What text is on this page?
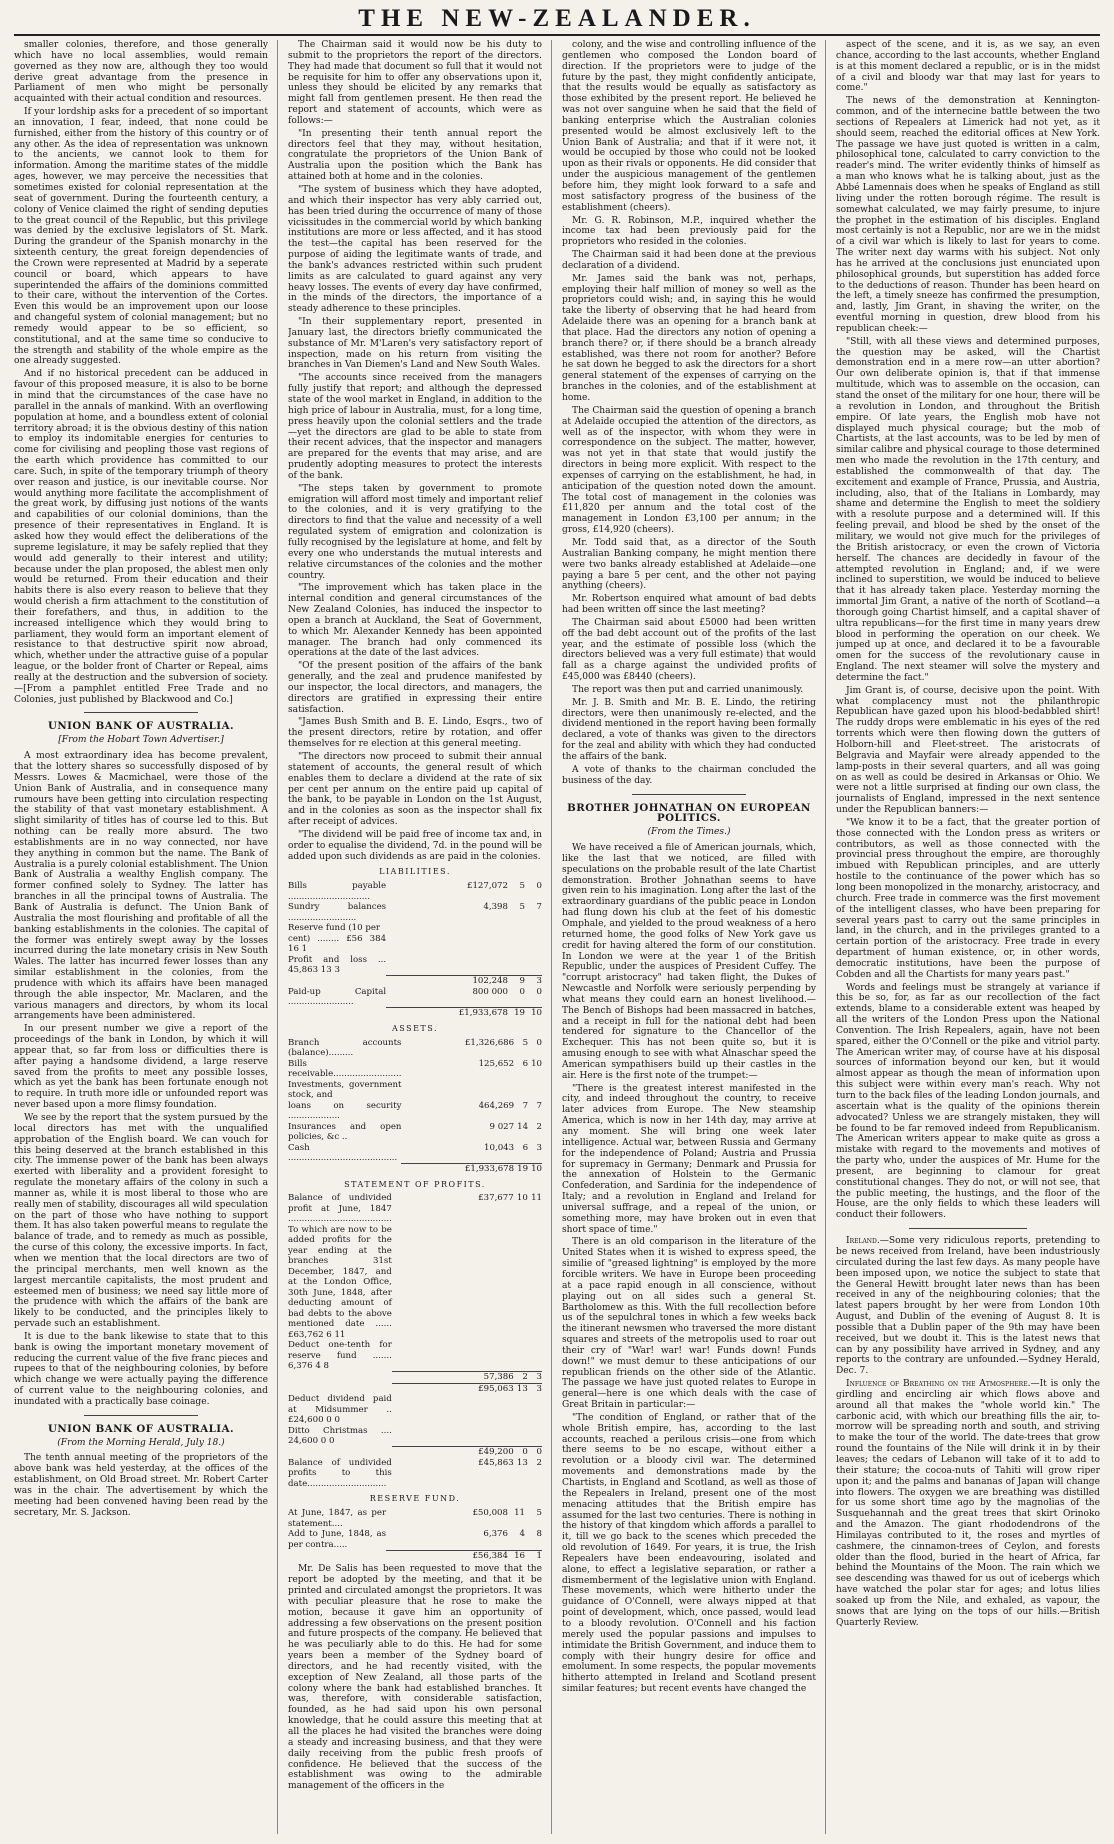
THE NEW-ZEALANDER.

smaller colonies, therefore, and those generally which have no local assemblies, would remain governed as they now are, although they too would derive great advantage from the presence in Parliament of men who might be personally acquainted with their actual condition and resources.

If your lordship asks for a precedent of so important an innovation, I fear, indeed, that none could be furnished, either from the history of this country or of any other. As the idea of representation was unknown to the ancients, we cannot look to them for information. Among the maritime states of the middle ages, however, we may perceive the necessities that sometimes existed for colonial representation at the seat of government. During the fourteenth century, a colony of Venice claimed the right of sending deputies to the great council of the Republic, but this privilege was denied by the exclusive legislators of St. Mark. During the grandeur of the Spanish monarchy in the sixteenth century, the great foreign dependencies of the Crown were represented at Madrid by a seperate council or board, which appears to have superintended the affairs of the dominions committed to their care, without the intervention of the Cortes. Even this would be an improvement upon our loose and changeful system of colonial management; but no remedy would appear to be so efficient, so constitutional, and at the same time so conducive to the strength and stability of the whole empire as the one already suggested.

And if no historical precedent can be adduced in favour of this proposed measure, it is also to be borne in mind that the circumstances of the case have no parallel in the annals of mankind. With an overflowing population at home, and a boundless extent of colonial territory abroad; it is the obvious destiny of this nation to employ its indomitable energies for centuries to come for civilising and peopling those vast regions of the earth which providence has committed to our care. Such, in spite of the temporary triumph of theory over reason and justice, is our inevitable course. Nor would anything more facilitate the accomplishment of the great work, by diffusing just notions of the wants and capabilities of our colonial dominions, than the presence of their representatives in England. It is asked how they would effect the deliberations of the supreme legislature, it may be safely replied that they would add generally to their interest and utility; because under the plan proposed, the ablest men only would be returned. From their education and their habits there is also every reason to believe that they would cherish a firm attachment to the constitution of their forefathers, and thus, in addition to the increased intelligence which they would bring to parliament, they would form an important element of resistance to that destructive spirit now abroad, which, whether under the attractive guise of a popular league, or the bolder front of Charter or Repeal, aims really at the destruction and the subversion of society.—[From a pamphlet entitled Free Trade and no Colonies, just published by Blackwood and Co.]

UNION BANK OF AUSTRALIA.
[From the Hobart Town Advertiser.]

A most extraordinary idea has become prevalent, that the lottery shares so successfully disposed of by Messrs. Lowes & Macmichael, were those of the Union Bank of Australia, and in consequence many rumours have been getting into circulation respecting the stability of that vast monetary establishment. A slight similarity of titles has of course led to this. But nothing can be really more absurd. The two establishments are in no way connected, nor have they anything in common but the name. The Bank of Australia is a purely colonial establishment. The Union Bank of Australia a wealthy English company. The former confined solely to Sydney. The latter has branches in all the principal towns of Australia. The Bank of Australia is defunct. The Union Bank of Australia the most flourishing and profitable of all the banking establishments in the colonies. The capital of the former was entirely swept away by the losses incurred during the late monetary crisis in New South Wales. The latter has incurred fewer losses than any similar establishment in the colonies, from the prudence with which its affairs have been managed through the able inspector, Mr. Maclaren, and the various managers and directors, by whom its local arrangements have been administered.

In our present number we give a report of the proceedings of the bank in London, by which it will appear that, so far from loss or difficulties there is after paying a handsome dividend, a large reserve saved from the profits to meet any possible losses, which as yet the bank has been fortunate enough not to require. In truth more idle or unfounded report was never based upon a more flimsy foundation.

We see by the report that the system pursued by the local directors has met with the unqualified approbation of the English board. We can vouch for this being deserved at the branch established in this city. The immense power of the bank has been always exerted with liberality and a provident foresight to regulate the monetary affairs of the colony in such a manner as, while it is most liberal to those who are really men of stability, discourages all wild speculation on the part of those who have nothing to support them. It has also taken powerful means to regulate the balance of trade, and to remedy as much as possible, the curse of this colony, the excessive imports. In fact, when we mention that the local directors are two of the principal merchants, men well known as the largest mercantile capitalists, the most prudent and esteemed men of business; we need say little more of the prudence with which the affairs of the bank are likely to be conducted, and the principles likely to pervade such an establishment.

It is due to the bank likewise to state that to this bank is owing the important monetary movement of reducing the current value of the five franc pieces and rupees to that of the neighbouring colonies, by before which change we were actually paying the difference of current value to the neighbouring colonies, and inundated with a practically base coinage.

UNION BANK OF AUSTRALIA.
(From the Morning Herald, July 18.)

The tenth annual meeting of the proprietors of the above bank was held yesterday, at the offices of the establishment, on Old Broad street. Mr. Robert Carter was in the chair. The advertisement by which the meeting had been convened having been read by the secretary, Mr. S. Jackson.

The Chairman said it would now be his duty to submit to the proprietors the report of the directors. They had made that document so full that it would not be requisite for him to offer any observations upon it, unless they should be elicited by any remarks that might fall from gentlemen present. He then read the report and statement of accounts, which were as follows:—

"In presenting their tenth annual report the directors feel that they may, without hesitation, congratulate the proprietors of the Union Bank of Australia upon the position which the Bank has attained both at home and in the colonies.

"The system of business which they have adopted, and which their inspector has very ably carried out, has been tried during the occurrence of many of those vicissitudes in the commercial world by which banking institutions are more or less affected, and it has stood the test—the capital has been reserved for the purpose of aiding the legitimate wants of trade, and the bank's advances restricted within such prudent limits as are calculated to guard against any very heavy losses. The events of every day have confirmed, in the minds of the directors, the importance of a steady adherence to these principles.

"In their supplementary report, presented in January last, the directors briefly communicated the substance of Mr. M'Laren's very satisfactory report of inspection, made on his return from visiting the branches in Van Diemen's Land and New South Wales.

"The accounts since received from the managers fully justify that report; and although the depressed state of the wool market in England, in addition to the high price of labour in Australia, must, for a long time, press heavily upon the colonial settlers and the trade—yet the directors are glad to be able to state from their recent advices, that the inspector and managers are prepared for the events that may arise, and are prudently adopting measures to protect the interests of the bank.

"The steps taken by government to promote emigration will afford most timely and important relief to the colonies, and it is very gratifying to the directors to find that the value and necessity of a well regulated system of emigration and colonization is fully recognised by the legislature at home, and felt by every one who understands the mutual interests and relative circumstances of the colonies and the mother country.

"The improvement which has taken place in the internal condition and general circumstances of the New Zealand Colonies, has induced the inspector to open a branch at Auckland, the Seat of Government, to which Mr. Alexander Kennedy has been appointed manager. The branch had only commenced its operations at the date of the last advices.

"Of the present position of the affairs of the bank generally, and the zeal and prudence manifested by our inspector, the local directors, and managers, the directors are gratified in expressing their entire satisfaction.

"James Bush Smith and B. E. Lindo, Esqrs., two of the present directors, retire by rotation, and offer themselves for re election at this general meeting.

"The directors now proceed to submit their annual statement of accounts, the general result of which enables them to declare a dividend at the rate of six per cent per annum on the entire paid up capital of the bank, to be payable in London on the 1st August, and in the colonies as soon as the inspector shall fix after receipt of advices.

"The dividend will be paid free of income tax and, in order to equalise the dividend, 7d. in the pound will be added upon such dividends as are paid in the colonies.

LIABILITIES.
Bills payable ..............................	£127,072	5	0
Sundry balances .........................	4,398	5	7
Reserve fund (10 per			
cent) ........ £56 384 16 1			
Profit and loss ... 45,863 13 3			
	102,248	9	3
Paid-up Capital ........................	800 000	0	0
	£1,933,678	19	10
ASSETS.
Branch accounts (balance).........	£1,326,686	5	0
Bills receivable.........................	125,652	6	10
Investments, government stock, and			
loans on security ...................	464,269	7	7
Insurances and open policies, &c ..	9 027	14	2
Cash ........................................	10,043	6	3
	£1,933,678	19	10
STATEMENT OF PROFITS.
Balance of undivided profit at June, 1847 ......................................	£37,677	10	11
To which are now to be added profits for the year ending at the branches 31st December, 1847, and at the London Office, 30th June, 1848, after deducting amount of bad debts to the above mentioned date ...... £63,762 6 11			
Deduct one-tenth for reserve fund ....... 6,376 4 8			
	57,386	2	3
	£95,063	13	3
Deduct dividend paid at Midsummer .. £24,600 0 0			
Ditto Christmas .... 24,600 0 0			
	£49,200	0	0
Balance of undivided profits to this date.............................	£45,863	13	2
RESERVE FUND.
At June, 1847, as per statement....	£50,008	11	5
Add to June, 1848, as per contra.....	6,376	4	8
	£56,384	16	1

Mr. De Salis has been requested to move that the report be adopted by the meeting, and that it be printed and circulated amongst the proprietors. It was with peculiar pleasure that he rose to make the motion, because it gave him an opportunity of addressing a few observations on the present position and future prospects of the company. He believed that he was peculiarly able to do this. He had for some years been a member of the Sydney board of directors, and he had recently visited, with the exception of New Zealand, all those parts of the colony where the bank had established branches. It was, therefore, with considerable satisfaction, founded, as he had said upon his own personal knowledge, that he could assure this meeting that at all the places he had visited the branches were doing a steady and increasing business, and that they were daily receiving from the public fresh proofs of confidence. He believed that the success of the establishment was owing to the admirable management of the officers in the

colony, and the wise and controlling influence of the gentlemen who composed the London board of direction. If the proprietors were to judge of the future by the past, they might confidently anticipate, that the results would be equally as satisfactory as those exhibited by the present report. He believed he was not over sanguine when he said that the field of banking enterprise which the Australian colonies presented would be almost exclusively left to the Union Bank of Australia; and that if it were not, it would be occupied by those who could not be looked upon as their rivals or opponents. He did consider that under the auspicious management of the gentlemen before him, they might look forward to a safe and most satisfactory progress of the business of the establishment (cheers).

Mr. G. R. Robinson, M.P., inquired whether the income tax had been previously paid for the proprietors who resided in the colonies.

The Chairman said it had been done at the previous declaration of a dividend.

Mr. James said the bank was not, perhaps, employing their half million of money so well as the proprietors could wish; and, in saying this he would take the liberty of observing that he had heard from Adelaide there was an opening for a branch bank at that place. Had the directors any notion of opening a branch there? or, if there should be a branch already established, was there not room for another? Before he sat down he begged to ask the directors for a short general statement of the expenses of carrying on the branches in the colonies, and of the establishment at home.

The Chairman said the question of opening a branch at Adelaide occupied the attention of the directors, as well as of the inspector, with whom they were in correspondence on the subject. The matter, however, was not yet in that state that would justify the directors in being more explicit. With respect to the expenses of carrying on the establishment, he had, in anticipation of the question noted down the amount. The total cost of management in the colonies was £11,820 per annum and the total cost of the management in London £3,100 per annum; in the gross, £14,920 (cheers).

Mr. Todd said that, as a director of the South Australian Banking company, he might mention there were two banks already established at Adelaide—one paying a bare 5 per cent, and the other not paying anything (cheers).

Mr. Robertson enquired what amount of bad debts had been written off since the last meeting?

The Chairman said about £5000 had been written off the bad debt account out of the profits of the last year, and the estimate of possible loss (which the directors believed was a very full estimate) that would fall as a charge against the undivided profits of £45,000 was £8440 (cheers).

The report was then put and carried unanimously.

Mr. J. B. Smith and Mr. B. E. Lindo, the retiring directors, were then unanimously re-elected, and the dividend mentioned in the report having been formally declared, a vote of thanks was given to the directors for the zeal and ability with which they had conducted the affairs of the bank.

A vote of thanks to the chairman concluded the business of the day.

BROTHER JOHNATHAN ON EUROPEAN POLITICS.
(From the Times.)

We have received a file of American journals, which, like the last that we noticed, are filled with speculations on the probable result of the late Chartist demonstration. Brother Johnathan seems to have given rein to his imagination. Long after the last of the extraordinary guardians of the public peace in London had flung down his club at the feet of his domestic Omphale, and yielded to the proud weakness of a hero returned home, the good folks of New York gave us credit for having altered the form of our constitution. In London we were at the year 1 of the British Republic, under the auspices of President Cuffey. The "corrupt aristocracy" had taken flight, the Dukes of Newcastle and Norfolk were seriously perpending by what means they could earn an honest livelihood.—The Bench of Bishops had been massacred in batches, and a receipt in full for the national debt had been tendered for signature to the Chancellor of the Exchequer. This has not been quite so, but it is amusing enough to see with what Alnaschar speed the American sympathisers build up their castles in the air. Here is the first note of the trumpet:—

"There is the greatest interest manifested in the city, and indeed throughout the country, to receive later advices from Europe. The New steamship America, which is now in her 14th day, may arrive at any moment. She will bring one week later intelligence. Actual war, between Russia and Germany for the independence of Poland; Austria and Prussia for supremacy in Germany; Denmark and Prussia for the annexation of Holstein to the Germanic Confederation, and Sardinia for the independence of Italy; and a revolution in England and Ireland for universal suffrage, and a repeal of the union, or something more, may have broken out in even that short space of time."

There is an old comparison in the literature of the United States when it is wished to express speed, the similie of "greased lightning" is employed by the more forcible writers. We have in Europe been proceeding at a pace rapid enough in all conscience, without playing out on all sides such a general St. Bartholomew as this. With the full recollection before us of the sepulchral tones in which a few weeks back the itinerant newsmen who traversed the more distant squares and streets of the metropolis used to roar out their cry of "War! war! war! Funds down! Funds down!" we must demur to these anticipations of our republican friends on the other side of the Atlantic. The passage we have just quoted relates to Europe in general—here is one which deals with the case of Great Britain in particular:—

"The condition of England, or rather that of the whole British empire, has, according to the last accounts, reached a perilous crisis—one from which there seems to be no escape, without either a revolution or a bloody civil war. The determined movements and demonstrations made by the Chartists, in England and Scotland, as well as those of the Repealers in Ireland, present one of the most menacing attitudes that the British empire has assumed for the last two centuries. There is nothing in the history of that kingdom which affords a parallel to it, till we go back to the scenes which preceded the old revolution of 1649. For years, it is true, the Irish Repealers have been endeavouring, isolated and alone, to effect a legislative separation, or rather a dismemberment of the legislative union with England. These movements, which were hitherto under the guidance of O'Connell, were always nipped at that point of development, which, once passed, would lead to a bloody revolution. O'Connell and his faction merely used the popular passions and impulses to intimidate the British Government, and induce them to comply with their hungry desire for office and emolument. In some respects, the popular movements hitherto attempted in Ireland and Scotland present similar features; but recent events have changed the

aspect of the scene, and it is, as we say, an even chance, according to the last accounts, whether England is at this moment declared a republic, or is in the midst of a civil and bloody war that may last for years to come."

The news of the demonstration at Kennington-common, and of the internecine battle between the two sections of Repealers at Limerick had not yet, as it should seem, reached the editorial offices at New York. The passage we have just quoted is written in a calm, philosophical tone, calculated to carry conviction to the reader's mind. The writer evidently thinks of himself as a man who knows what he is talking about, just as the Abbé Lamennais does when he speaks of England as still living under the rotten borough régime. The result is somewhat calculated, we may fairly presume, to injure the prophet in the estimation of his disciples. England most certainly is not a Republic, nor are we in the midst of a civil war which is likely to last for years to come. The writer next day warms with his subject. Not only has he arrived at the conclusions just enunciated upon philosophical grounds, but superstition has added force to the deductions of reason. Thunder has been heard on the left, a timely sneeze has confirmed the presumption, and, lastly, Jim Grant, in shaving the writer, on the eventful morning in question, drew blood from his republican cheek:—

"Still, with all these views and determined purposes, the question may be asked, will the Chartist demonstration end in a mere row—an utter abortion? Our own deliberate opinion is, that if that immense multitude, which was to assemble on the occasion, can stand the onset of the military for one hour, there will be a revolution in London, and throughout the British empire. Of late years, the English mob have not displayed much physical courage; but the mob of Chartists, at the last accounts, was to be led by men of similar calibre and physical courage to those determined men who made the revolution in the 17th century, and established the commonwealth of that day. The excitement and example of France, Prussia, and Austria, including, also, that of the Italians in Lombardy, may shame and determine the English to meet the soldiery with a resolute purpose and a determined will. If this feeling prevail, and blood be shed by the onset of the military, we would not give much for the privileges of the British aristocracy, or even the crown of Victoria herself. The chances are decidedly in favour of the attempted revolution in England; and, if we were inclined to superstition, we would be induced to believe that it has already taken place. Yesterday morning the immortal Jim Grant, a native of the north of Scotland—a thorough going Chartist himself, and a capital shaver of ultra republicans—for the first time in many years drew blood in performing the operation on our cheek. We jumped up at once, and declared it to be a favourable omen for the success of the revolutionary cause in England. The next steamer will solve the mystery and determine the fact."

Jim Grant is, of course, decisive upon the point. With what complacency must not the philanthropic Republican have gazed upon his blood-bedabbled shirt! The ruddy drops were emblematic in his eyes of the red torrents which were then flowing down the gutters of Holborn-hill and Fleet-street. The aristocrats of Belgravia and Mayfair were already appended to the lamp-posts in their several quarters, and all was going on as well as could be desired in Arkansas or Ohio. We were not a little surprised at finding our own class, the journalists of England, impressed in the next sentence under the Republican banners:—

"We know it to be a fact, that the greater portion of those connected with the London press as writers or contributors, as well as those connected with the provincial press throughout the empire, are thoroughly imbued with Republican principles, and are utterly hostile to the continuance of the power which has so long been monopolized in the monarchy, aristocracy, and church. Free trade in commerce was the first movement of the intelligent classes, who have been preparing for several years past to carry out the same principles in land, in the church, and in the privileges granted to a certain portion of the aristocracy. Free trade in every department of human existence, or, in other words, democratic institutions, have been the purpose of Cobden and all the Chartists for many years past."

Words and feelings must be strangely at variance if this be so, for, as far as our recollection of the fact extends, blame to a considerable extent was heaped by all the writers of the London Press upon the National Convention. The Irish Repealers, again, have not been spared, either the O'Connell or the pike and vitriol party. The American writer may, of course have at his disposal sources of information beyond our ken, but it would almost appear as though the mean of information upon this subject were within every man's reach. Why not turn to the back files of the leading London journals, and ascertain what is the quality of the opinions therein advocated? Unless we are strangely mistaken, they will be found to be far removed indeed from Republicanism. The American writers appear to make quite as gross a mistake with regard to the movements and motives of the party who, under the auspices of Mr. Hume for the present, are beginning to clamour for great constitutional changes. They do not, or will not see, that the public meeting, the hustings, and the floor of the House, are the only fields to which these leaders will conduct their followers.

Ireland.—Some very ridiculous reports, pretending to be news received from Ireland, have been industriously circulated during the last few days. As many people have been imposed upon, we notice the subject to state that the General Hewitt brought later news than has been received in any of the neighbouring colonies; that the latest papers brought by her were from London 10th August, and Dublin of the evening of August 8. It is possible that a Dublin paper of the 9th may have been received, but we doubt it. This is the latest news that can by any possibility have arrived in Sydney, and any reports to the contrary are unfounded.—Sydney Herald, Dec. 7.

Influence of Breathing on the Atmosphere.—It is only the girdling and encircling air which flows above and around all that makes the "whole world kin." The carbonic acid, with which our breathing fills the air, to-morrow will be spreading north and south, and striving to make the tour of the world. The date-trees that grow round the fountains of the Nile will drink it in by their leaves; the cedars of Lebanon will take of it to add to their stature; the cocoa-nuts of Tahiti will grow riper upon it; and the palms and bananas of Japan will change into flowers. The oxygen we are breathing was distilled for us some short time ago by the magnolias of the Susquehannah and the great trees that skirt Orinoko and the Amazon. The giant rhododendrons of the Himilayas contributed to it, the roses and myrtles of cashmere, the cinnamon-trees of Ceylon, and forests older than the flood, buried in the heart of Africa, far behind the Mountains of the Moon. The rain which we see descending was thawed for us out of icebergs which have watched the polar star for ages; and lotus lilies soaked up from the Nile, and exhaled, as vapour, the snows that are lying on the tops of our hills.—British Quarterly Review.
